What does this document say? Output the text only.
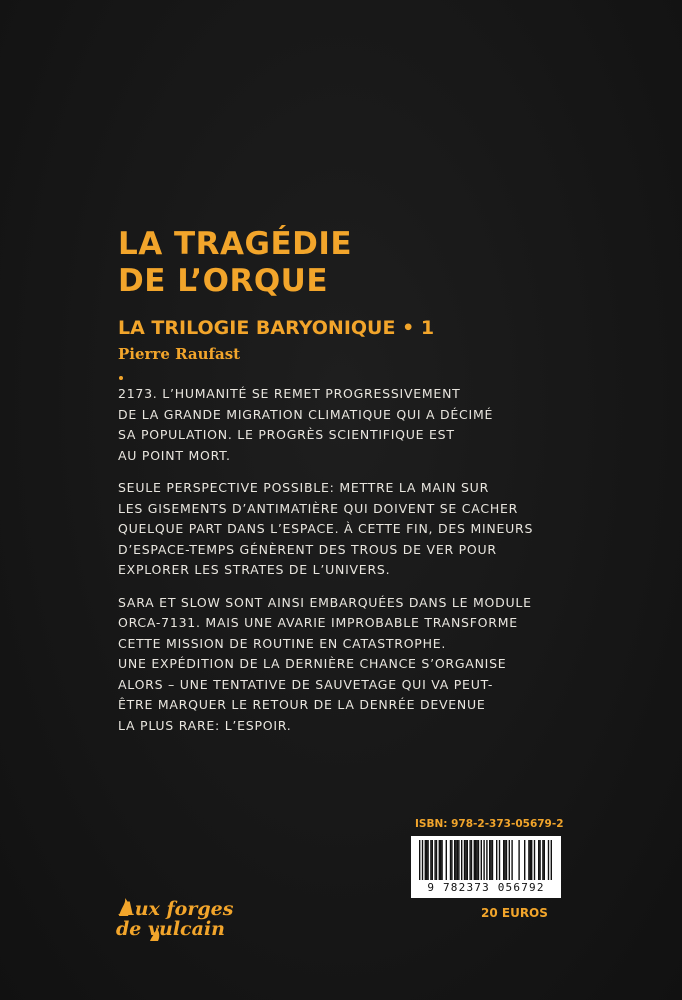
LA TRAGÉDIE
DE L’ORQUE
LA TRILOGIE BARYONIQUE • 1
Pierre Raufast

2173. L’HUMANITÉ SE REMET PROGRESSIVEMENT
DE LA GRANDE MIGRATION CLIMATIQUE QUI A DÉCIMÉ
SA POPULATION. LE PROGRÈS SCIENTIFIQUE EST
AU POINT MORT.

SEULE PERSPECTIVE POSSIBLE: METTRE LA MAIN SUR
LES GISEMENTS D’ANTIMATIÈRE QUI DOIVENT SE CACHER
QUELQUE PART DANS L’ESPACE. À CETTE FIN, DES MINEURS
D’ESPACE-TEMPS GÉNÈRENT DES TROUS DE VER POUR
EXPLORER LES STRATES DE L’UNIVERS.

SARA ET SLOW SONT AINSI EMBARQUÉES DANS LE MODULE
ORCA-7131. MAIS UNE AVARIE IMPROBABLE TRANSFORME
CETTE MISSION DE ROUTINE EN CATASTROPHE.
UNE EXPÉDITION DE LA DERNIÈRE CHANCE S’ORGANISE
ALORS – UNE TENTATIVE DE SAUVETAGE QUI VA PEUT-
ÊTRE MARQUER LE RETOUR DE LA DENRÉE DEVENUE
LA PLUS RARE: L’ESPOIR.

ISBN: 978-2-373-05679-2
9 782373 056792
20 EUROS
Aux forges
de vulcain
